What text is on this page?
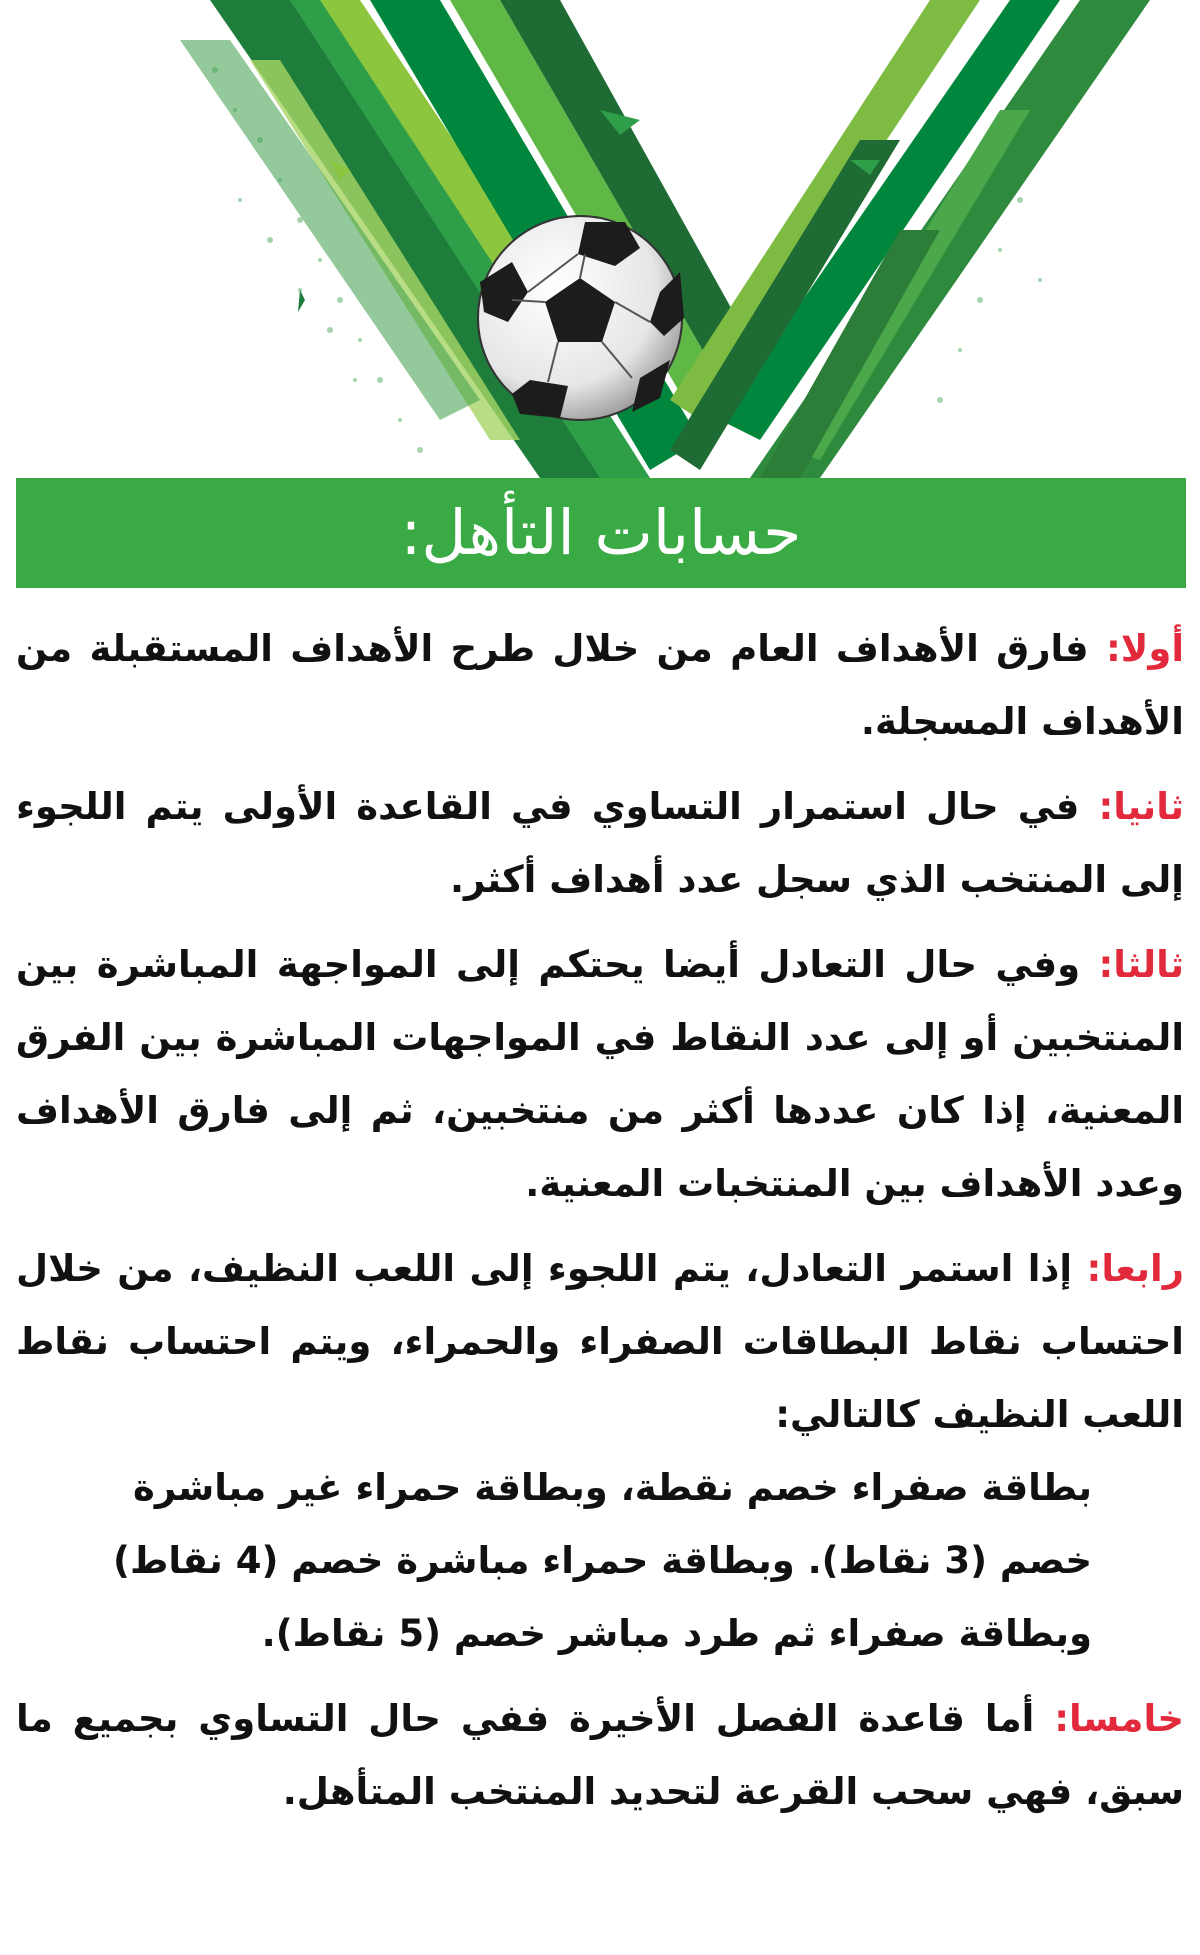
حسابات التأهل:

أولا: فارق الأهداف العام من خلال طرح الأهداف المستقبلة من الأهداف المسجلة.

ثانيا: في حال استمرار التساوي في القاعدة الأولى يتم اللجوء إلى المنتخب الذي سجل عدد أهداف أكثر.

ثالثا: وفي حال التعادل أيضا يحتكم إلى المواجهة المباشرة بين المنتخبين أو إلى عدد النقاط في المواجهات المباشرة بين الفرق المعنية، إذا كان عددها أكثر من منتخبين، ثم إلى فارق الأهداف وعدد الأهداف بين المنتخبات المعنية.

رابعا: إذا استمر التعادل، يتم اللجوء إلى اللعب النظيف، من خلال احتساب نقاط البطاقات الصفراء والحمراء، ويتم احتساب نقاط اللعب النظيف كالتالي:

بطاقة صفراء خصم نقطة، وبطاقة حمراء غير مباشرة خصم (3 نقاط). وبطاقة حمراء مباشرة خصم (4 نقاط) وبطاقة صفراء ثم طرد مباشر خصم (5 نقاط).

خامسا: أما قاعدة الفصل الأخيرة ففي حال التساوي بجميع ما سبق، فهي سحب القرعة لتحديد المنتخب المتأهل.
